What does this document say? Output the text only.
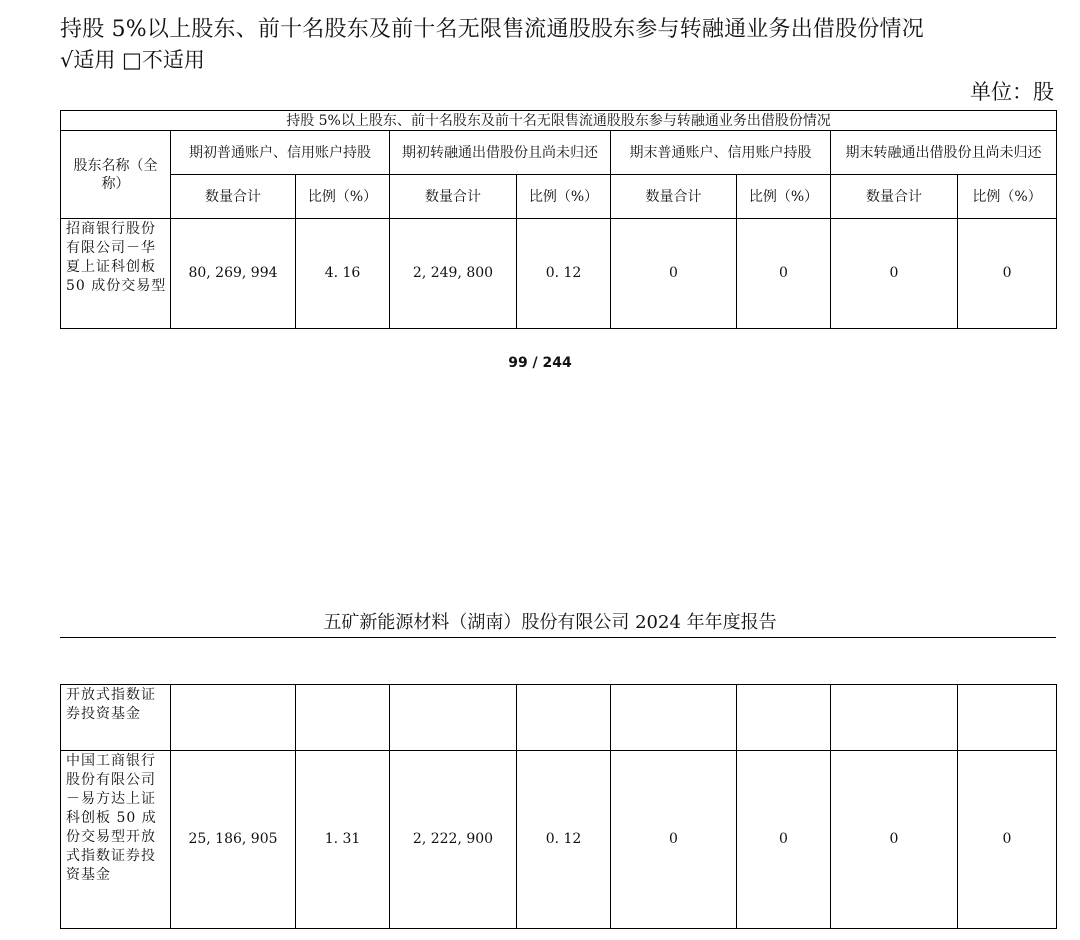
持股 5%以上股东、前十名股东及前十名无限售流通股股东参与转融通业务出借股份情况
√适用 □不适用
单位：股
持股 5%以上股东、前十名股东及前十名无限售流通股股东参与转融通业务出借股份情况								
股东名称（全称）	期初普通账户、信用账户持股		期初转融通出借股份且尚未归还		期末普通账户、信用账户持股		期末转融通出借股份且尚未归还	
	数量合计	比例（%）	数量合计	比例（%）	数量合计	比例（%）	数量合计	比例（%）

招商银行股份有限公司－华夏上证科创板 50 成份交易型	80, 269, 994	4. 16	2, 249, 800	0. 12	0	0	0	0
99 / 244
五矿新能源材料（湖南）股份有限公司 2024 年年度报告
开放式指数证券投资基金								

中国工商银行股份有限公司－易方达上证科创板 50 成份交易型开放式指数证券投资基金	25, 186, 905	1. 31	2, 222, 900	0. 12	0	0	0	0
